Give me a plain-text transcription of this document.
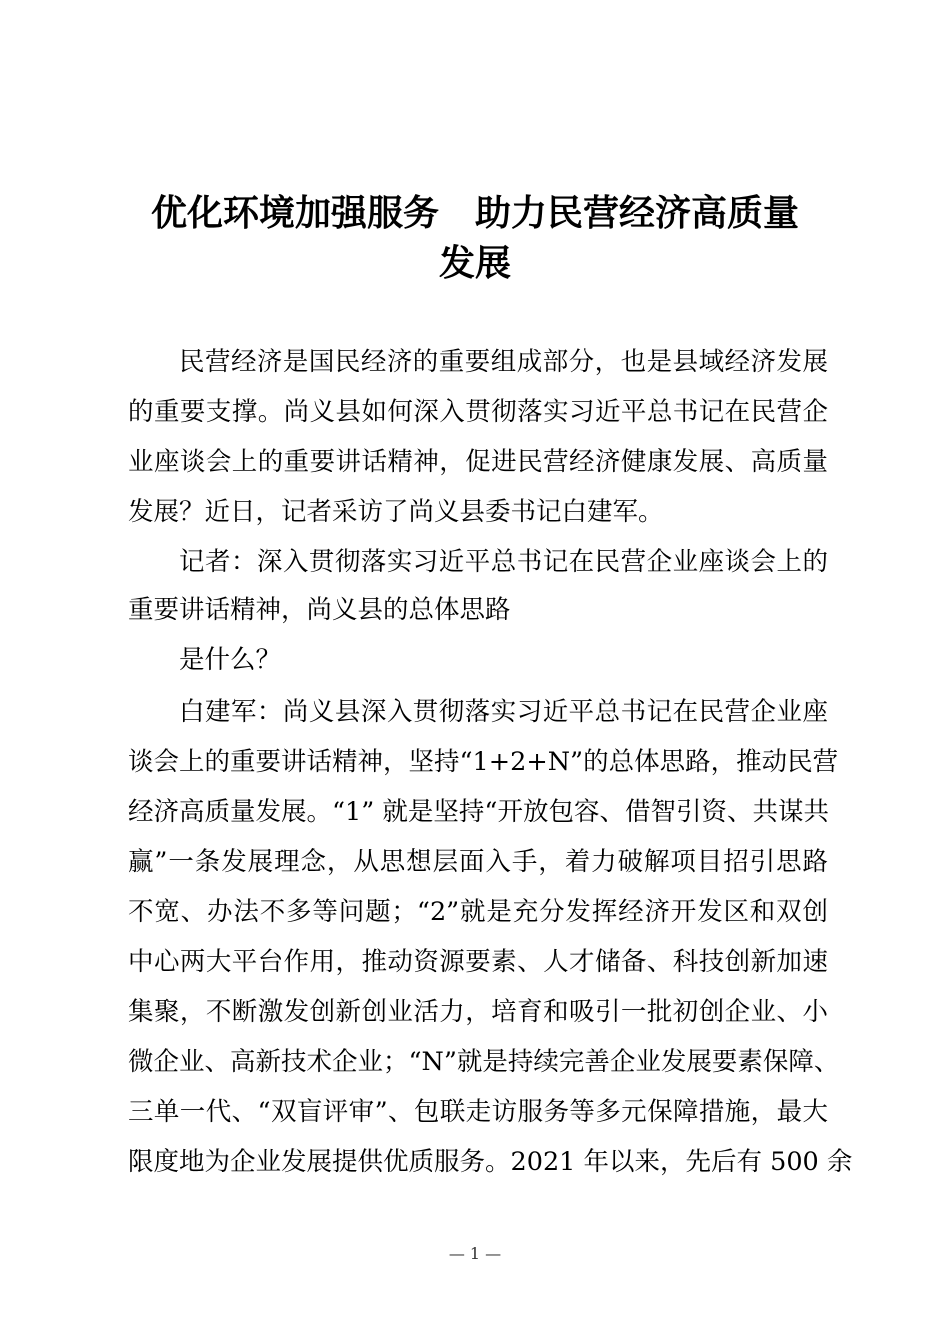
优化环境加强服务　助力民营经济高质量
发展
民营经济是国民经济的重要组成部分，也是县域经济发展
的重要支撑。尚义县如何深入贯彻落实习近平总书记在民营企
业座谈会上的重要讲话精神，促进民营经济健康发展、高质量
发展？近日，记者采访了尚义县委书记白建军。
记者：深入贯彻落实习近平总书记在民营企业座谈会上的
重要讲话精神，尚义县的总体思路
是什么？
白建军：尚义县深入贯彻落实习近平总书记在民营企业座
谈会上的重要讲话精神，坚持“1+2+N”的总体思路，推动民营
经济高质量发展。“1” 就是坚持“开放包容、借智引资、共谋共
赢”一条发展理念，从思想层面入手，着力破解项目招引思路
不宽、办法不多等问题；“2”就是充分发挥经济开发区和双创
中心两大平台作用，推动资源要素、人才储备、科技创新加速
集聚，不断激发创新创业活力，培育和吸引一批初创企业、小
微企业、高新技术企业；“N”就是持续完善企业发展要素保障、
三单一代、“双盲评审”、包联走访服务等多元保障措施，最大
限度地为企业发展提供优质服务。2021 年以来，先后有 500 余
— 1 —
